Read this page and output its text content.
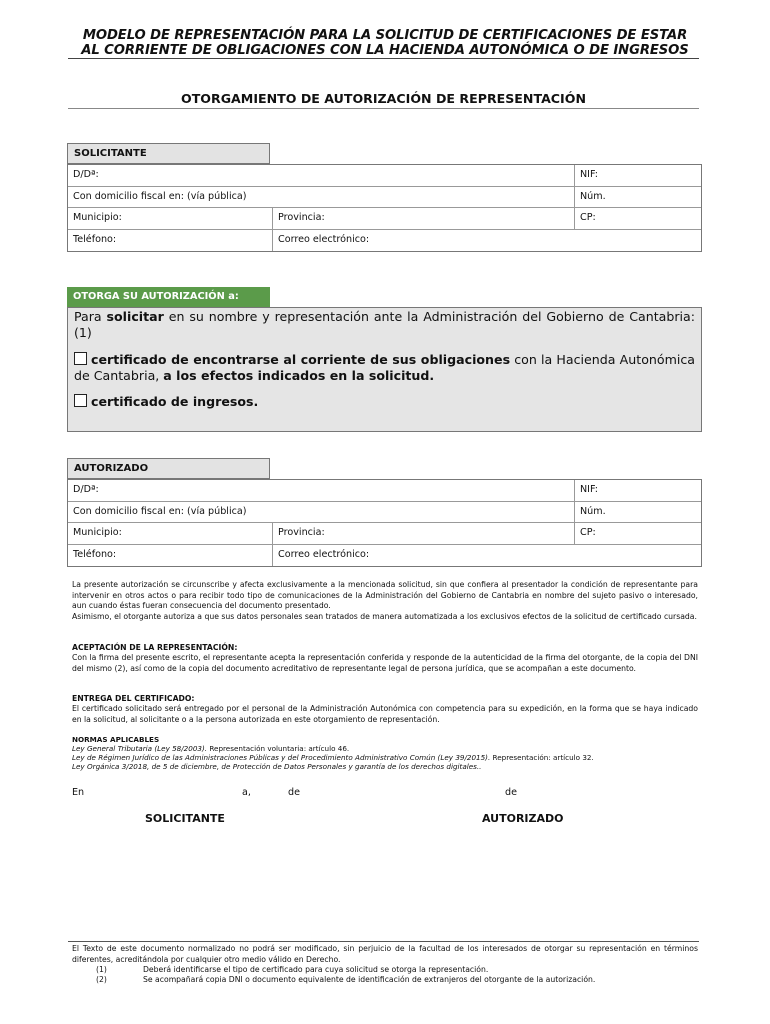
MODELO DE REPRESENTACIÓN PARA LA SOLICITUD DE CERTIFICACIONES DE ESTAR
AL CORRIENTE DE OBLIGACIONES CON LA HACIENDA AUTONÓMICA O DE INGRESOS
OTORGAMIENTO DE AUTORIZACIÓN DE REPRESENTACIÓN
SOLICITANTE
D/Dª:	NIF:
Con domicilio fiscal en: (vía pública)	Núm.
Municipio:	Provincia:	CP:
Teléfono:	Correo electrónico:
OTORGA SU AUTORIZACIÓN a:
Para solicitar en su nombre y representación ante la Administración del Gobierno de Cantabria: (1)
certificado de encontrarse al corriente de sus obligaciones con la Hacienda Autonómica de Cantabria, a los efectos indicados en la solicitud.
certificado de ingresos.
AUTORIZADO
D/Dª:	NIF:
Con domicilio fiscal en: (vía pública)	Núm.
Municipio:	Provincia:	CP:
Teléfono:	Correo electrónico:
La presente autorización se circunscribe y afecta exclusivamente a la mencionada solicitud, sin que confiera al presentador la condición de representante para intervenir en otros actos o para recibir todo tipo de comunicaciones de la Administración del Gobierno de Cantabria en nombre del sujeto pasivo o interesado, aun cuando éstas fueran consecuencia del documento presentado.
Asimismo, el otorgante autoriza a que sus datos personales sean tratados de manera automatizada a los exclusivos efectos de la solicitud de certificado cursada.
ACEPTACIÓN DE LA REPRESENTACIÓN:
Con la firma del presente escrito, el representante acepta la representación conferida y responde de la autenticidad de la firma del otorgante, de la copia del DNI del mismo (2), así como de la copia del documento acreditativo de representante legal de persona jurídica, que se acompañan a este documento.
ENTREGA DEL CERTIFICADO:
El certificado solicitado será entregado por el personal de la Administración Autonómica con competencia para su expedición, en la forma que se haya indicado en la solicitud, al solicitante o a la persona autorizada en este otorgamiento de representación.
NORMAS APLICABLES
Ley General Tributaria (Ley 58/2003). Representación voluntaria: artículo 46.
Ley de Régimen Jurídico de las Administraciones Públicas y del Procedimiento Administrativo Común (Ley 39/2015). Representación: artículo 32.
Ley Orgánica 3/2018, de 5 de diciembre, de Protección de Datos Personales y garantía de los derechos digitales..
En	a,	de	de
SOLICITANTE	AUTORIZADO
El Texto de este documento normalizado no podrá ser modificado, sin perjuicio de la facultad de los interesados de otorgar su representación en términos diferentes, acreditándola por cualquier otro medio válido en Derecho.
(1)	Deberá identificarse el tipo de certificado para cuya solicitud se otorga la representación.
(2)	Se acompañará copia DNI o documento equivalente de identificación de extranjeros del otorgante de la autorización.
